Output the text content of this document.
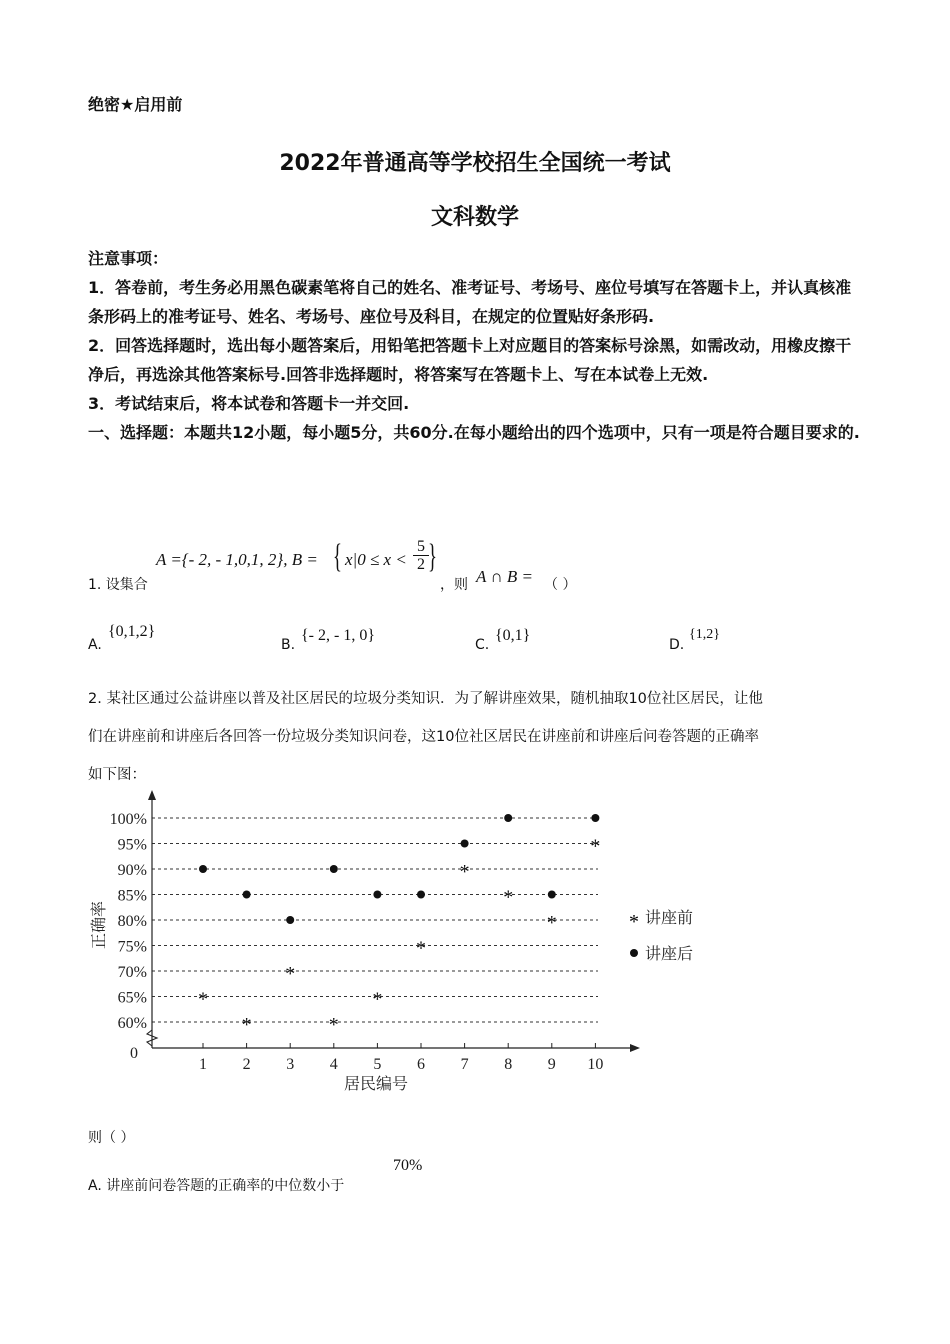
绝密★启用前
2022年普通高等学校招生全国统一考试
文科数学

注意事项：

1．答卷前，考生务必用黑色碳素笔将自己的姓名、准考证号、考场号、座位号填写在答题卡上，并认真核准条形码上的准考证号、姓名、考场号、座位号及科目，在规定的位置贴好条形码.

2．回答选择题时，选出每小题答案后，用铅笔把答题卡上对应题目的答案标号涂黑，如需改动，用橡皮擦干净后，再选涂其他答案标号.回答非选择题时，将答案写在答题卡上、写在本试卷上无效.

3．考试结束后，将本试卷和答题卡一并交回.

一、选择题：本题共12小题，每小题5分，共60分.在每小题给出的四个选项中，只有一项是符合题目要求的.

1. 设集合
A ={- 2, - 1,0,1, 2}, B = { $x|0 \le x < \frac{5}{2}$ }
，则 A ∩ B = （ ）
A.
{0,1,2}
B.
{- 2, - 1, 0}
C.
{0,1}
D.
{1,2}

2. 某社区通过公益讲座以普及社区居民的垃圾分类知识．为了解讲座效果，随机抽取10位社区居民，让他

们在讲座前和讲座后各回答一份垃圾分类知识问卷，这10位社区居民在讲座前和讲座后问卷答题的正确率

如下图：

100%
95%
90%
85%
80%
75%
70%
65%
60%
0
1 2 3 4 5 6 7 8 9 10
*
*
*
*
*
*
*
*
*
*
正确率
居民编号
* 讲座前
讲座后
则（ ）
A. 讲座前问卷答题的正确率的中位数小于
70%
